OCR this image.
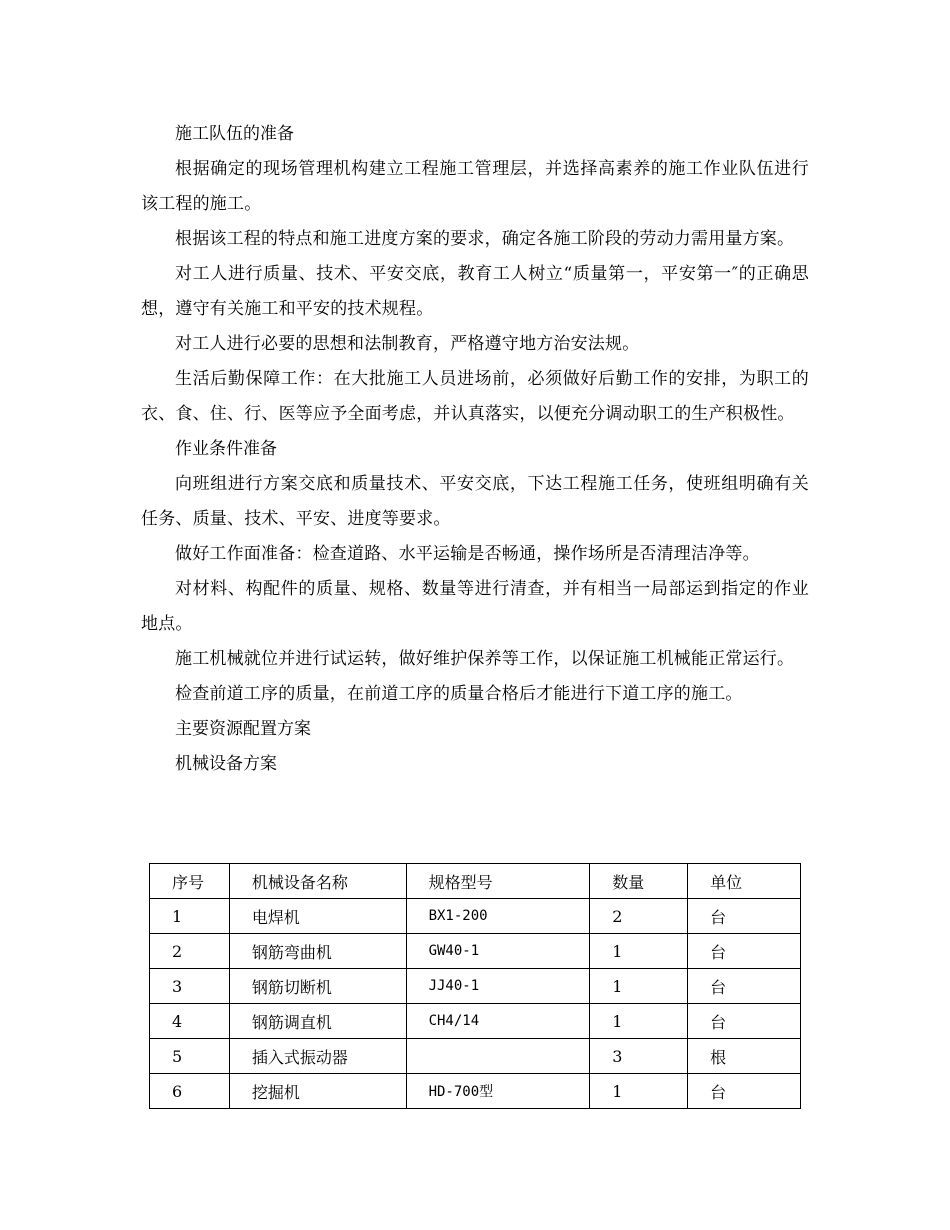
施工队伍的准备

根据确定的现场管理机构建立工程施工管理层，并选择高素养的施工作业队伍进行该工程的施工。

根据该工程的特点和施工进度方案的要求，确定各施工阶段的劳动力需用量方案。

对工人进行质量、技术、平安交底，教育工人树立“质量第一，平安第一″的正确思想，遵守有关施工和平安的技术规程。

对工人进行必要的思想和法制教育，严格遵守地方治安法规。

生活后勤保障工作：在大批施工人员进场前，必须做好后勤工作的安排，为职工的衣、食、住、行、医等应予全面考虑，并认真落实，以便充分调动职工的生产积极性。

作业条件准备

向班组进行方案交底和质量技术、平安交底，下达工程施工任务，使班组明确有关任务、质量、技术、平安、进度等要求。

做好工作面准备：检查道路、水平运输是否畅通，操作场所是否清理洁净等。

对材料、构配件的质量、规格、数量等进行清查，并有相当一局部运到指定的作业地点。

施工机械就位并进行试运转，做好维护保养等工作，以保证施工机械能正常运行。

检查前道工序的质量，在前道工序的质量合格后才能进行下道工序的施工。

主要资源配置方案

机械设备方案

序号	机械设备名称	规格型号	数量	单位
1	电焊机	BX1-200	2	台
2	钢筋弯曲机	GW40-1	1	台
3	钢筋切断机	JJ40-1	1	台
4	钢筋调直机	CH4/14	1	台
5	插入式振动器		3	根
6	挖掘机	HD-700型	1	台
